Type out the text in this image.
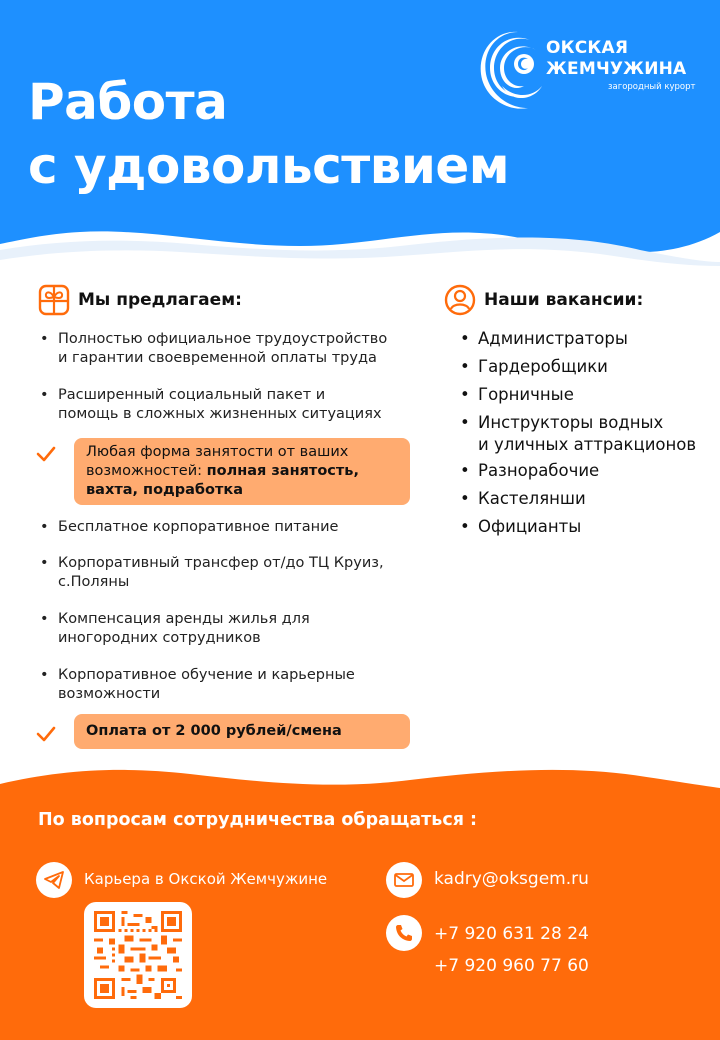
ОКСКАЯ
ЖЕМЧУЖИНА
загородный курорт
Работа
с удовольствием
Мы предлагаем:
• Полностью официальное трудоустройство
и гарантии своевременной оплаты труда
• Расширенный социальный пакет и
помощь в сложных жизненных ситуациях
Любая форма занятости от ваших
возможностей: полная занятость,
вахта, подработка
• Бесплатное корпоративное питание
• Корпоративный трансфер от/до ТЦ Круиз,
с.Поляны
• Компенсация аренды жилья для
иногородних сотрудников
• Корпоративное обучение и карьерные
возможности
Оплата от 2 000 рублей/смена
Наши вакансии:
• Администраторы
• Гардеробщики
• Горничные
• Инструкторы водных
и уличных аттракционов
• Разнорабочие
• Кастелянши
• Официанты
По вопросам сотрудничества обращаться :
Карьера в Окской Жемчужине	kadry@oksgem.ru
+7 920 631 28 24
+7 920 960 77 60
